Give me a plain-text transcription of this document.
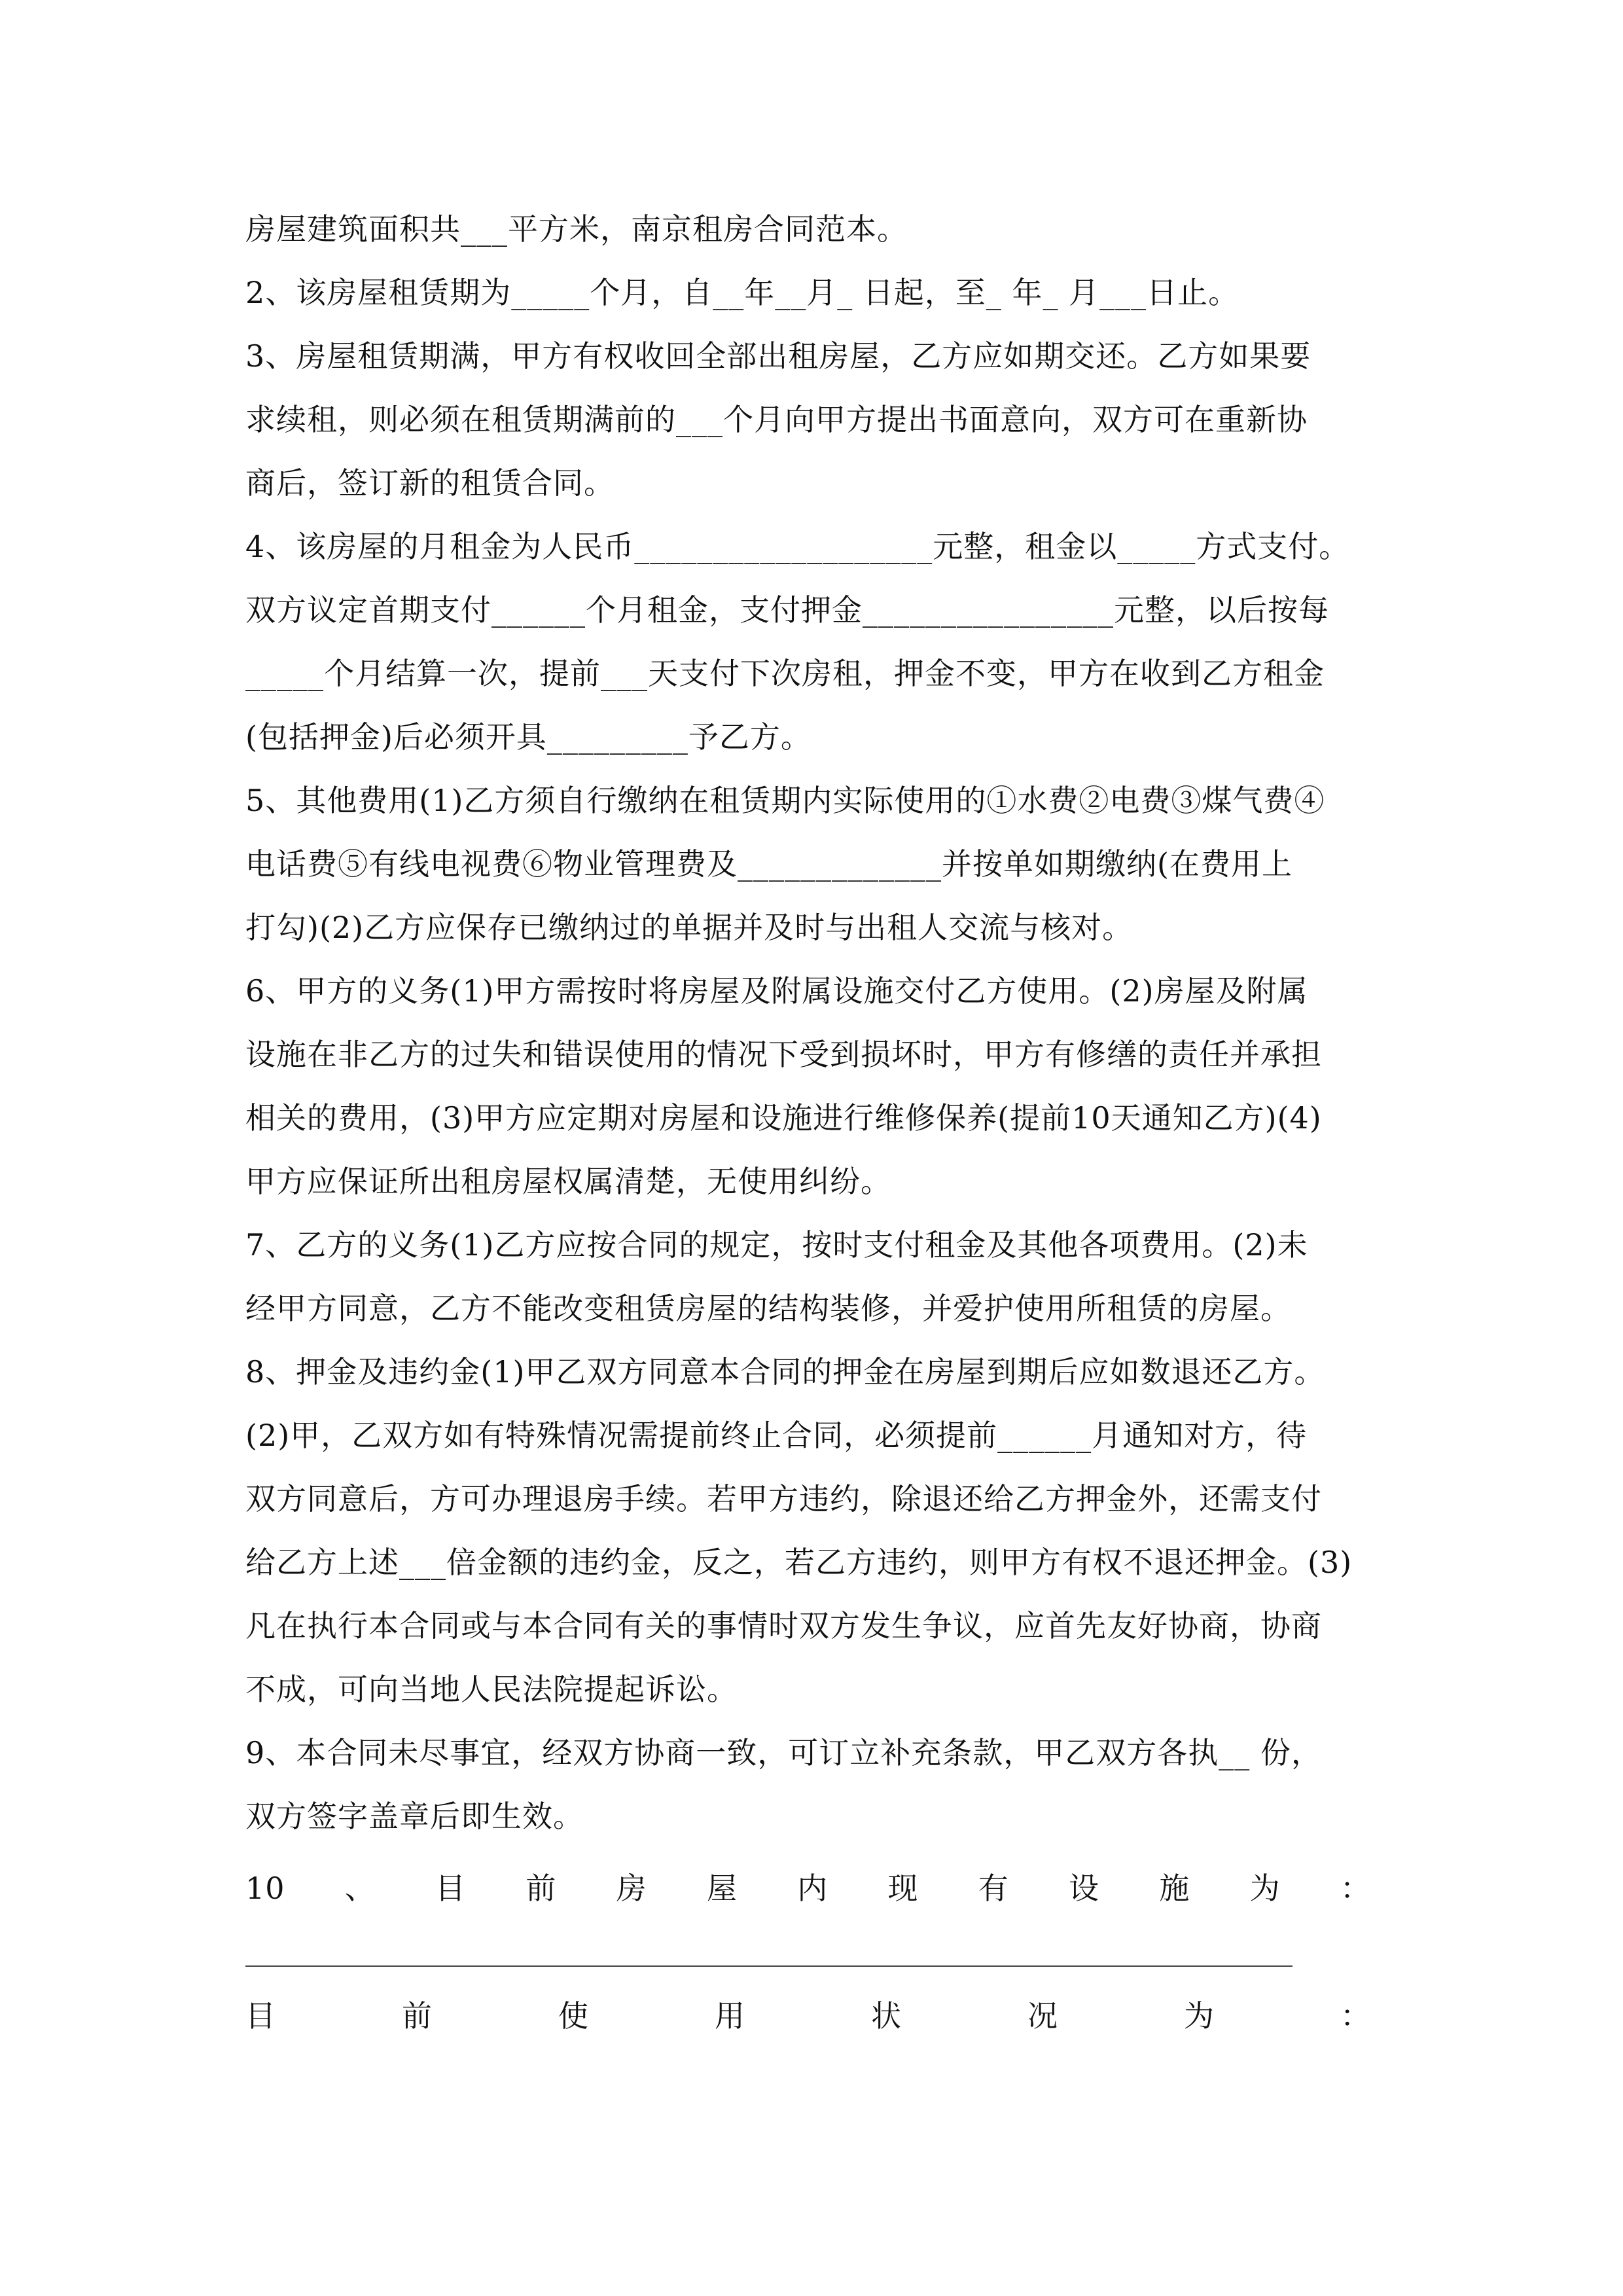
房屋建筑面积共___平方米，南京租房合同范本。
2、该房屋租赁期为_____个月，自__年__月_ 日起，至_ 年_ 月___日止。
3、房屋租赁期满，甲方有权收回全部出租房屋，乙方应如期交还。乙方如果要
求续租，则必须在租赁期满前的___个月向甲方提出书面意向，双方可在重新协
商后，签订新的租赁合同。
4、该房屋的月租金为人民币___________________元整，租金以_____方式支付。
双方议定首期支付______个月租金，支付押金________________元整，以后按每
_____个月结算一次，提前___天支付下次房租，押金不变，甲方在收到乙方租金
(包括押金)后必须开具_________予乙方。
5、其他费用(1)乙方须自行缴纳在租赁期内实际使用的①水费②电费③煤气费④
电话费⑤有线电视费⑥物业管理费及_____________并按单如期缴纳(在费用上
打勾)(2)乙方应保存已缴纳过的单据并及时与出租人交流与核对。
6、甲方的义务(1)甲方需按时将房屋及附属设施交付乙方使用。(2)房屋及附属
设施在非乙方的过失和错误使用的情况下受到损坏时，甲方有修缮的责任并承担
相关的费用，(3)甲方应定期对房屋和设施进行维修保养(提前10天通知乙方)(4)
甲方应保证所出租房屋权属清楚，无使用纠纷。
7、乙方的义务(1)乙方应按合同的规定，按时支付租金及其他各项费用。(2)未
经甲方同意，乙方不能改变租赁房屋的结构装修，并爱护使用所租赁的房屋。
8、押金及违约金(1)甲乙双方同意本合同的押金在房屋到期后应如数退还乙方。
(2)甲，乙双方如有特殊情况需提前终止合同，必须提前______月通知对方，待
双方同意后，方可办理退房手续。若甲方违约，除退还给乙方押金外，还需支付
给乙方上述___倍金额的违约金，反之，若乙方违约，则甲方有权不退还押金。(3)
凡在执行本合同或与本合同有关的事情时双方发生争议，应首先友好协商，协商
不成，可向当地人民法院提起诉讼。
9、本合同未尽事宜，经双方协商一致，可订立补充条款，甲乙双方各执__ 份，
双方签字盖章后即生效。
10 、 目 前 房 屋 内 现 有 设 施 为 ：
目	前	使	用	状	况	为	：
